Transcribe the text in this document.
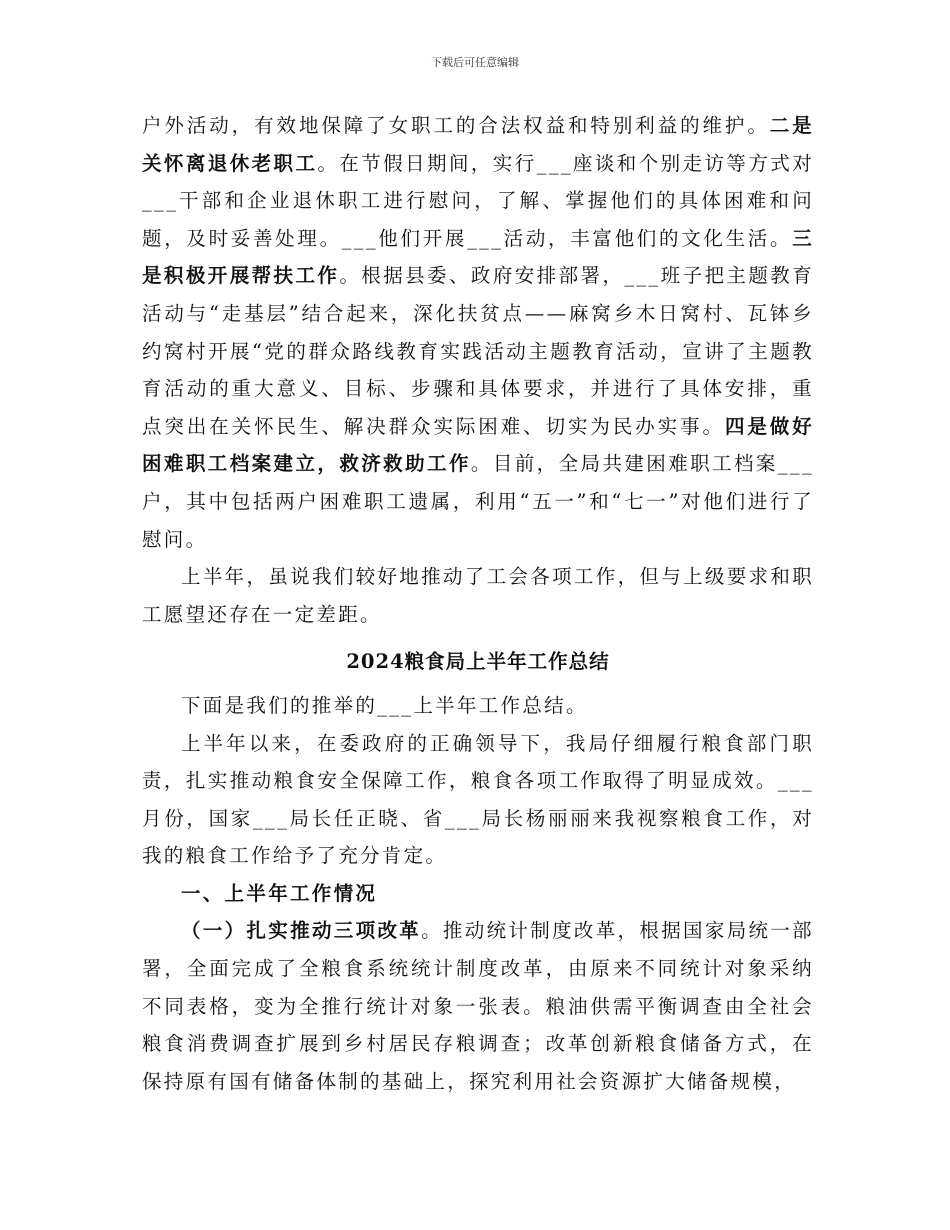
下载后可任意编辑

户外活动，有效地保障了女职工的合法权益和特别利益的维护。二是关怀离退休老职工。在节假日期间，实行___座谈和个别走访等方式对___干部和企业退休职工进行慰问，了解、掌握他们的具体困难和问题，及时妥善处理。___他们开展___活动，丰富他们的文化生活。三是积极开展帮扶工作。根据县委、政府安排部署，___班子把主题教育活动与“走基层”结合起来，深化扶贫点——麻窝乡木日窝村、瓦钵乡约窝村开展“党的群众路线教育实践活动主题教育活动，宣讲了主题教育活动的重大意义、目标、步骤和具体要求，并进行了具体安排，重点突出在关怀民生、解决群众实际困难、切实为民办实事。四是做好困难职工档案建立，救济救助工作。目前，全局共建困难职工档案___户，其中包括两户困难职工遗属，利用“五一”和“七一”对他们进行了慰问。

上半年，虽说我们较好地推动了工会各项工作，但与上级要求和职工愿望还存在一定差距。

2024粮食局上半年工作总结

下面是我们的推举的___上半年工作总结。

上半年以来，在委政府的正确领导下，我局仔细履行粮食部门职责，扎实推动粮食安全保障工作，粮食各项工作取得了明显成效。___月份，国家___局长任正晓、省___局长杨丽丽来我视察粮食工作，对我的粮食工作给予了充分肯定。

一、上半年工作情况

（一）扎实推动三项改革。推动统计制度改革，根据国家局统一部署，全面完成了全粮食系统统计制度改革，由原来不同统计对象采纳不同表格，变为全推行统计对象一张表。粮油供需平衡调查由全社会粮食消费调查扩展到乡村居民存粮调查；改革创新粮食储备方式，在保持原有国有储备体制的基础上，探究利用社会资源扩大储备规模，
